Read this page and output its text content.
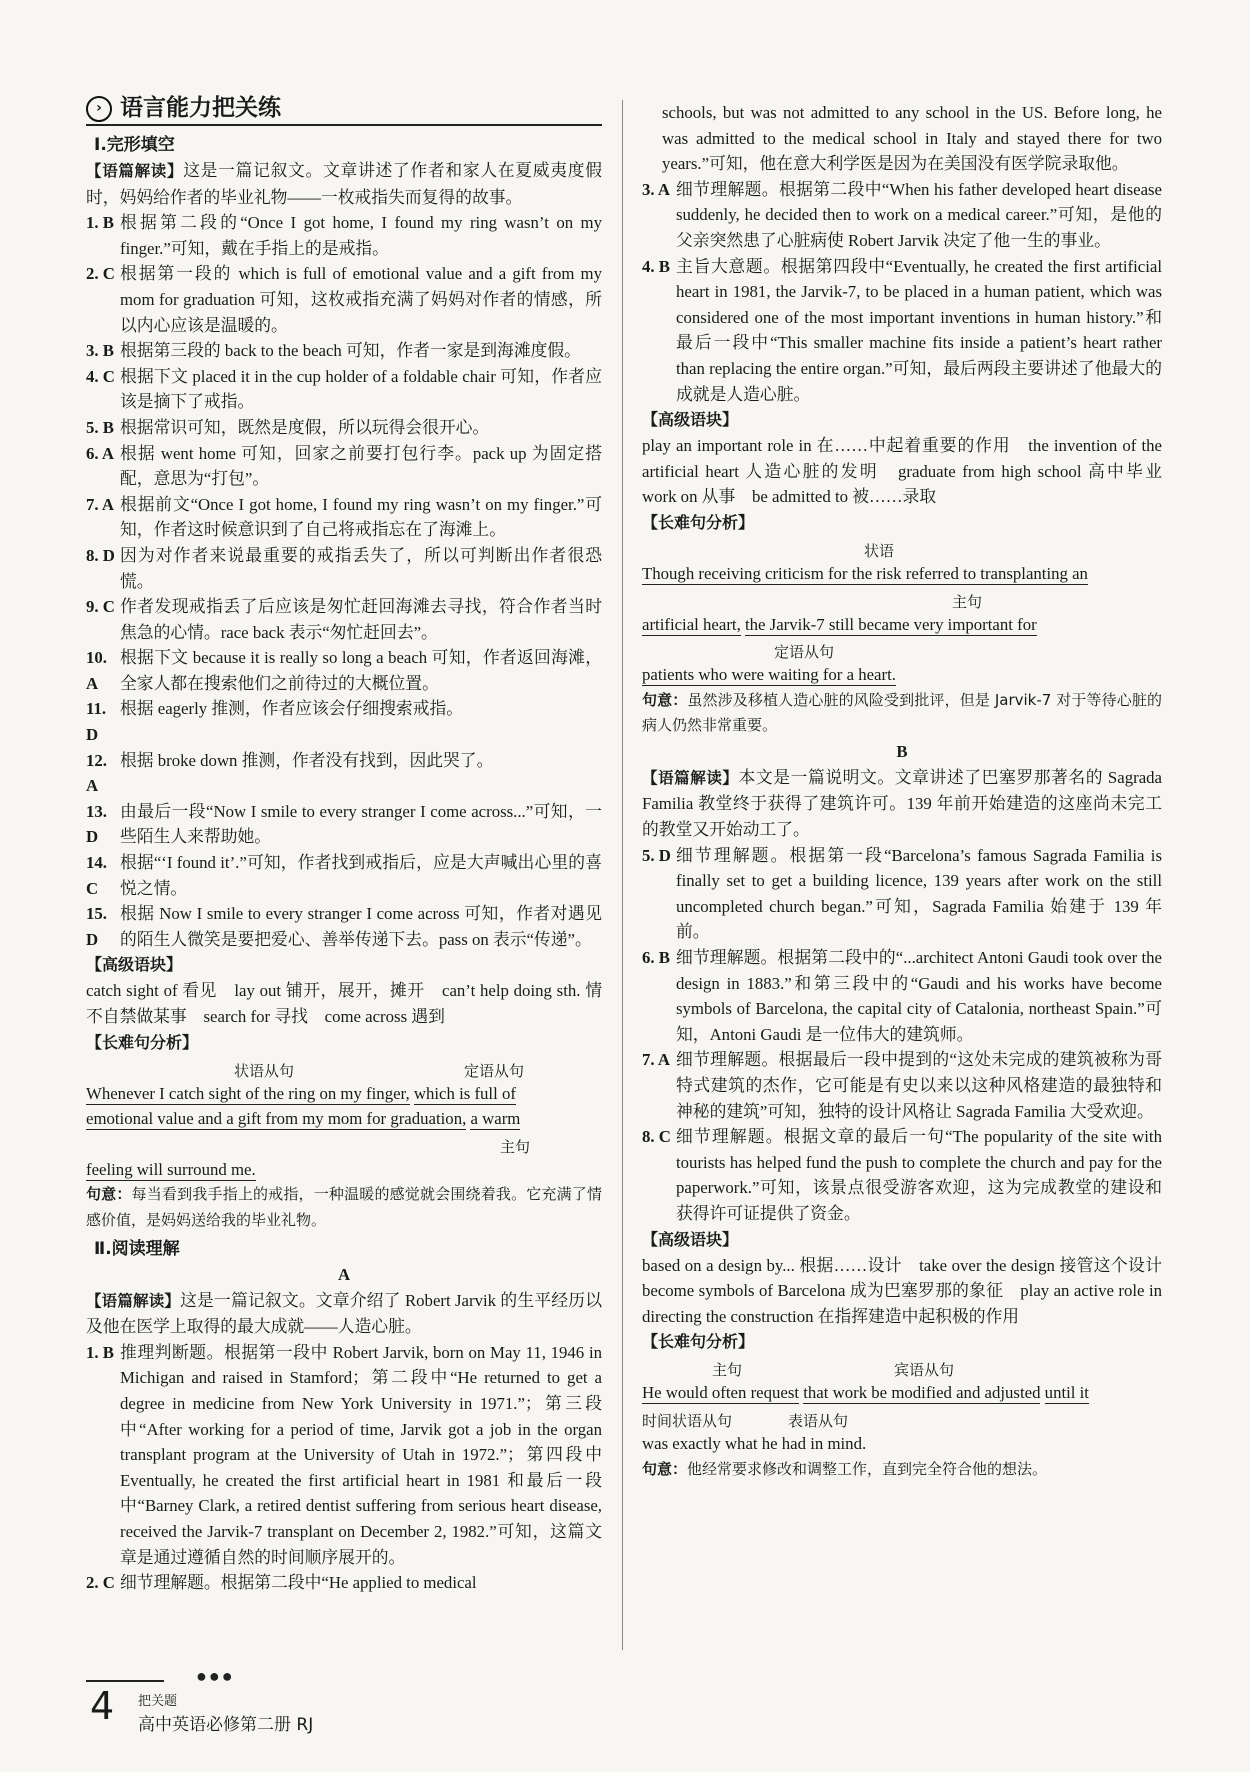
› 语言能力把关练
Ⅰ.完形填空
【语篇解读】这是一篇记叙文。文章讲述了作者和家人在夏威夷度假时，妈妈给作者的毕业礼物——一枚戒指失而复得的故事。
1. B 根据第二段的“Once I got home, I found my ring wasn’t on my finger.”可知，戴在手指上的是戒指。
2. C 根据第一段的 which is full of emotional value and a gift from my mom for graduation 可知，这枚戒指充满了妈妈对作者的情感，所以内心应该是温暖的。
3. B 根据第三段的 back to the beach 可知，作者一家是到海滩度假。
4. C 根据下文 placed it in the cup holder of a foldable chair 可知，作者应该是摘下了戒指。
5. B 根据常识可知，既然是度假，所以玩得会很开心。
6. A 根据 went home 可知，回家之前要打包行李。pack up 为固定搭配，意思为“打包”。
7. A 根据前文“Once I got home, I found my ring wasn’t on my finger.”可知，作者这时候意识到了自己将戒指忘在了海滩上。
8. D 因为对作者来说最重要的戒指丢失了，所以可判断出作者很恐慌。
9. C 作者发现戒指丢了后应该是匆忙赶回海滩去寻找，符合作者当时焦急的心情。race back 表示“匆忙赶回去”。
10. A
根据下文 because it is really so long a beach 可知，作者返回海滩，全家人都在搜索他们之前待过的大概位置。
11. D
根据 eagerly 推测，作者应该会仔细搜索戒指。
12. A
根据 broke down 推测，作者没有找到，因此哭了。
13. D
由最后一段“Now I smile to every stranger I come across...”可知，一些陌生人来帮助她。
14. C
根据“‘I found it’.”可知，作者找到戒指后，应是大声喊出心里的喜悦之情。
15. D
根据 Now I smile to every stranger I come across 可知，作者对遇见的陌生人微笑是要把爱心、善举传递下去。pass on 表示“传递”。
【高级语块】
catch sight of 看见　lay out 铺开，展开，摊开　can’t help doing sth. 情不自禁做某事　search for 寻找　come across 遇到
【长难句分析】
状语从句	定语从句
Whenever I catch sight of the ring on my finger, which is full of
emotional value and a gift from my mom for graduation, a warm
主句
feeling will surround me.
句意：每当看到我手指上的戒指，一种温暖的感觉就会围绕着我。它充满了情感价值，是妈妈送给我的毕业礼物。
Ⅱ.阅读理解
A
【语篇解读】这是一篇记叙文。文章介绍了 Robert Jarvik 的生平经历以及他在医学上取得的最大成就——人造心脏。
1. B 推理判断题。根据第一段中 Robert Jarvik, born on May 11, 1946 in Michigan and raised in Stamford；第二段中“He returned to get a degree in medicine from New York University in 1971.”；第三段中“After working for a period of time, Jarvik got a job in the organ transplant program at the University of Utah in 1972.”；第四段中 Eventually, he created the first artificial heart in 1981 和最后一段中“Barney Clark, a retired dentist suffering from serious heart disease, received the Jarvik-7 transplant on December 2, 1982.”可知，这篇文章是通过遵循自然的时间顺序展开的。
2. C 细节理解题。根据第二段中“He applied to medical
schools, but was not admitted to any school in the US. Before long, he was admitted to the medical school in Italy and stayed there for two years.”可知，他在意大利学医是因为在美国没有医学院录取他。
3. A 细节理解题。根据第二段中“When his father developed heart disease suddenly, he decided then to work on a medical career.”可知，是他的父亲突然患了心脏病使 Robert Jarvik 决定了他一生的事业。
4. B 主旨大意题。根据第四段中“Eventually, he created the first artificial heart in 1981, the Jarvik-7, to be placed in a human patient, which was considered one of the most important inventions in human history.”和最后一段中“This smaller machine fits inside a patient’s heart rather than replacing the entire organ.”可知，最后两段主要讲述了他最大的成就是人造心脏。
【高级语块】
play an important role in 在……中起着重要的作用　the invention of the artificial heart 人造心脏的发明　graduate from high school 高中毕业　work on 从事　be admitted to 被……录取
【长难句分析】
状语
Though receiving criticism for the risk referred to transplanting an
主句
artificial heart, the Jarvik-7 still became very important for
定语从句
patients who were waiting for a heart.
句意：虽然涉及移植人造心脏的风险受到批评，但是 Jarvik-7 对于等待心脏的病人仍然非常重要。
B
【语篇解读】本文是一篇说明文。文章讲述了巴塞罗那著名的 Sagrada Familia 教堂终于获得了建筑许可。139 年前开始建造的这座尚未完工的教堂又开始动工了。
5. D 细节理解题。根据第一段“Barcelona’s famous Sagrada Familia is finally set to get a building licence, 139 years after work on the still uncompleted church began.”可知，Sagrada Familia 始建于 139 年前。
6. B 细节理解题。根据第二段中的“...architect Antoni Gaudi took over the design in 1883.”和第三段中的“Gaudi and his works have become symbols of Barcelona, the capital city of Catalonia, northeast Spain.”可知，Antoni Gaudi 是一位伟大的建筑师。
7. A 细节理解题。根据最后一段中提到的“这处未完成的建筑被称为哥特式建筑的杰作，它可能是有史以来以这种风格建造的最独特和神秘的建筑”可知，独特的设计风格让 Sagrada Familia 大受欢迎。
8. C 细节理解题。根据文章的最后一句“The popularity of the site with tourists has helped fund the push to complete the church and pay for the paperwork.”可知，该景点很受游客欢迎，这为完成教堂的建设和获得许可证提供了资金。
【高级语块】
based on a design by... 根据……设计　take over the design 接管这个设计　become symbols of Barcelona 成为巴塞罗那的象征　play an active role in directing the construction 在指挥建造中起积极的作用
【长难句分析】
主句	宾语从句
He would often request that work be modified and adjusted until it
时间状语从句	表语从句
was exactly what he had in mind.
句意：他经常要求修改和调整工作，直到完全符合他的想法。
●●●
4 把关题
高中英语必修第二册 RJ
